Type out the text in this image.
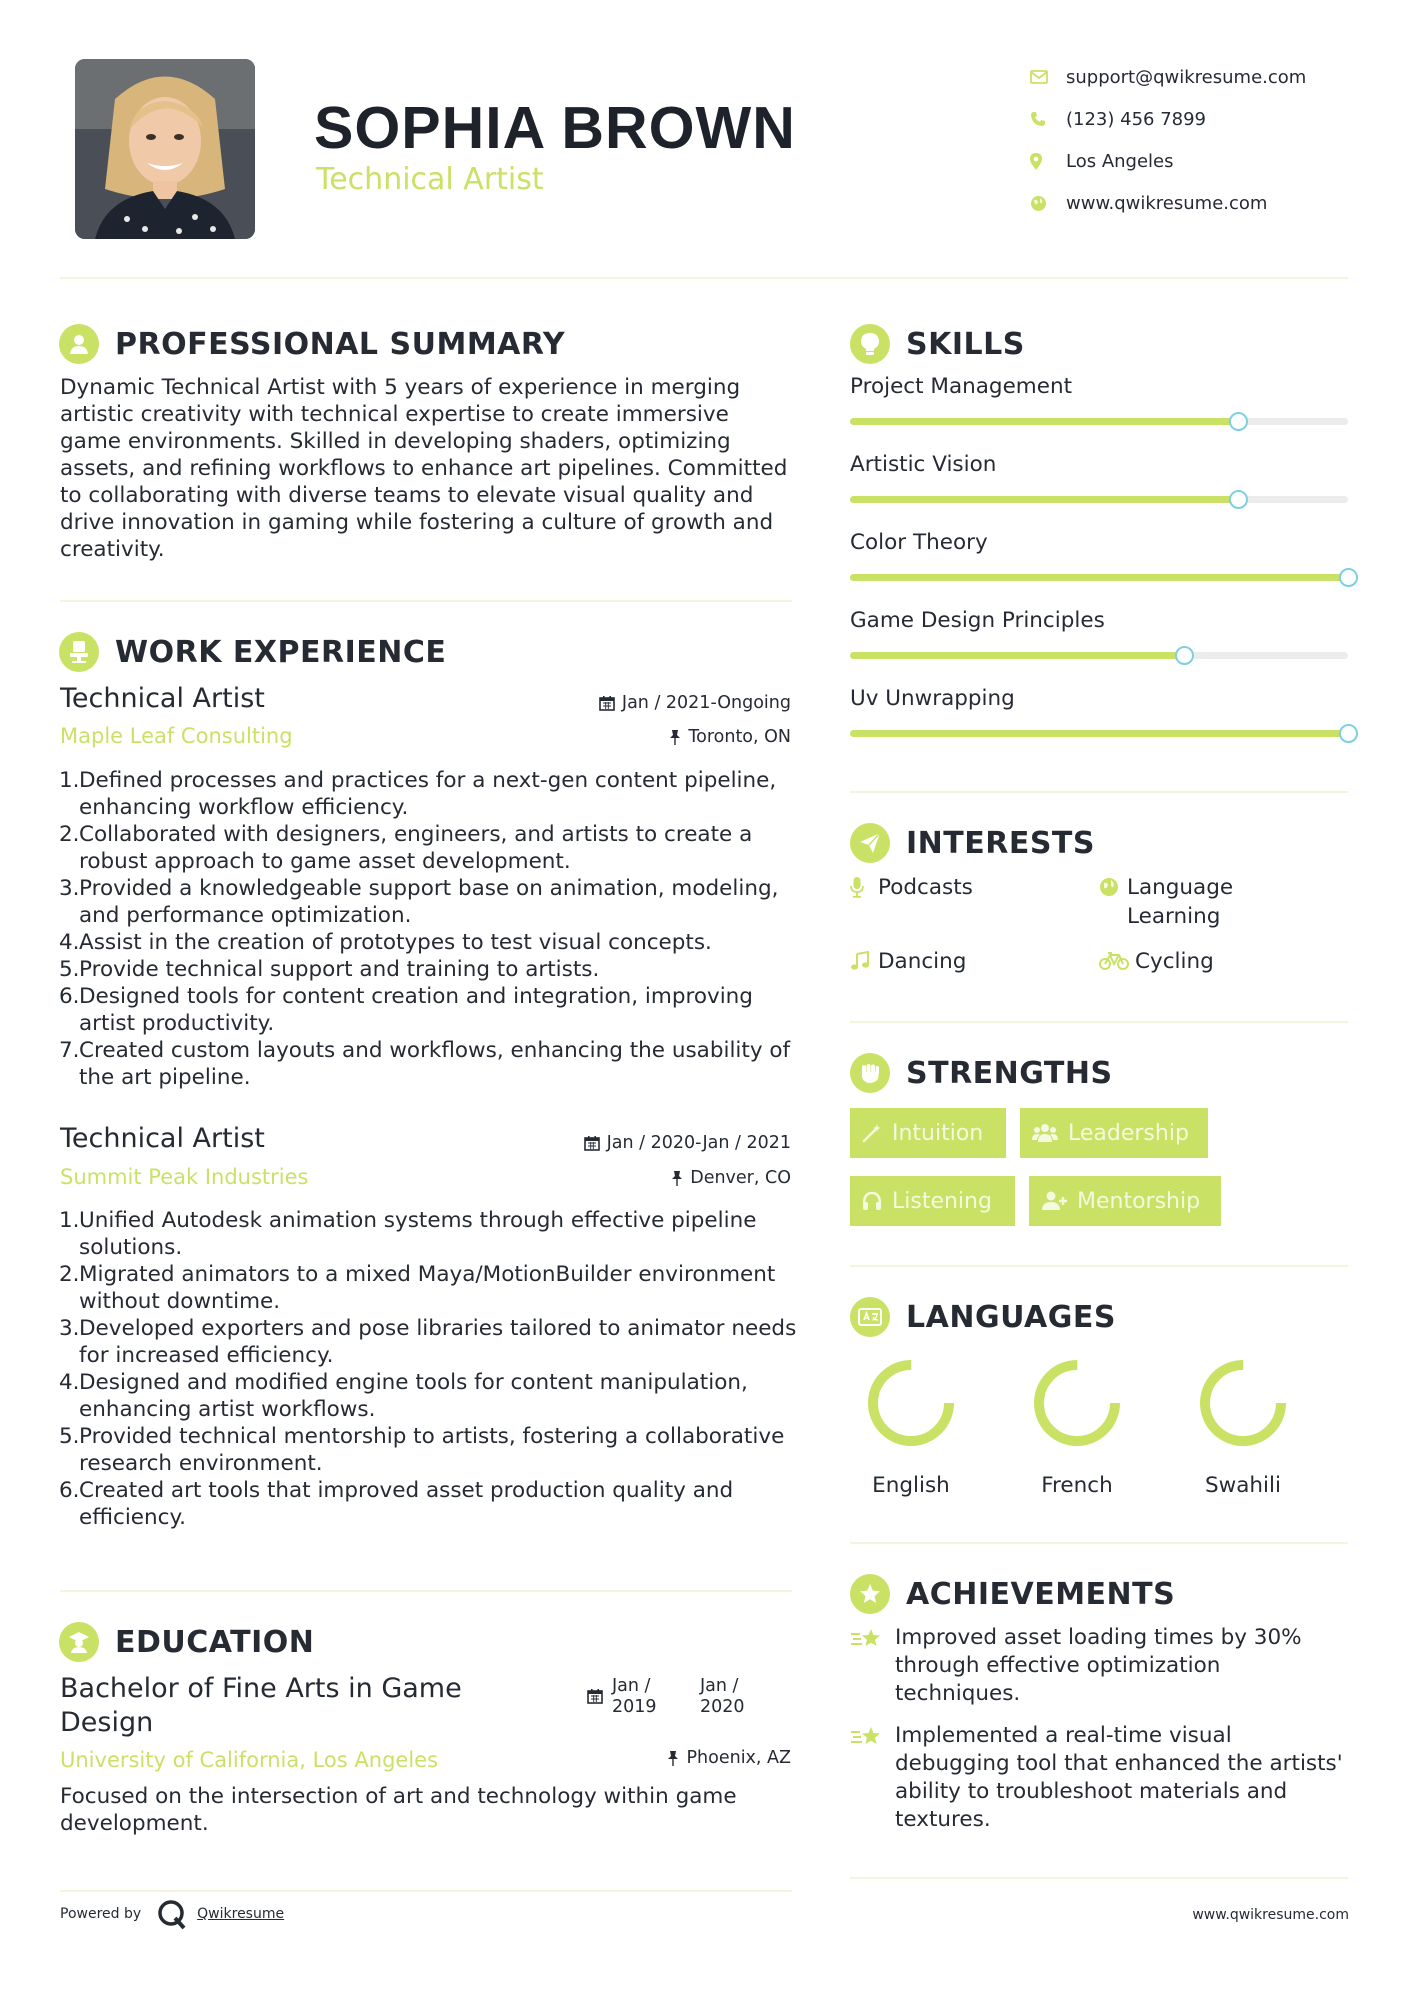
SOPHIA BROWN
Technical Artist
support@qwikresume.com
(123) 456 7899
Los Angeles
www.qwikresume.com
PROFESSIONAL SUMMARY
Dynamic Technical Artist with 5 years of experience in merging artistic creativity with technical expertise to create immersive game environments. Skilled in developing shaders, optimizing assets, and refining workflows to enhance art pipelines. Committed to collaborating with diverse teams to elevate visual quality and drive innovation in gaming while fostering a culture of growth and creativity.
WORK EXPERIENCE
Technical Artist	Jan / 2021-Ongoing
Maple Leaf Consulting	Toronto, ON
1. Defined processes and practices for a next-gen content pipeline, enhancing workflow efficiency.
2. Collaborated with designers, engineers, and artists to create a robust approach to game asset development.
3. Provided a knowledgeable support base on animation, modeling, and performance optimization.
4. Assist in the creation of prototypes to test visual concepts.
5. Provide technical support and training to artists.
6. Designed tools for content creation and integration, improving artist productivity.
7. Created custom layouts and workflows, enhancing the usability of the art pipeline.
Technical Artist	Jan / 2020-Jan / 2021
Summit Peak Industries	Denver, CO
1. Unified Autodesk animation systems through effective pipeline solutions.
2. Migrated animators to a mixed Maya/MotionBuilder environment without downtime.
3. Developed exporters and pose libraries tailored to animator needs for increased efficiency.
4. Designed and modified engine tools for content manipulation, enhancing artist workflows.
5. Provided technical mentorship to artists, fostering a collaborative research environment.
6. Created art tools that improved asset production quality and efficiency.
EDUCATION
Bachelor of Fine Arts in Game
Design
Jan /
2019
Jan /
2020
University of California, Los Angeles	Phoenix, AZ
Focused on the intersection of art and technology within game development.
SKILLS
Project Management
Artistic Vision
Color Theory
Game Design Principles
Uv Unwrapping
INTERESTS
Podcasts	Language
Learning
Dancing	Cycling
STRENGTHS
Intuition	Leadership
Listening	Mentorship
LANGUAGES
English	French	Swahili
ACHIEVEMENTS
Improved asset loading times by 30% through effective optimization techniques.
Implemented a real-time visual debugging tool that enhanced the artists' ability to troubleshoot materials and textures.
Powered by	Qwikresume	www.qwikresume.com
